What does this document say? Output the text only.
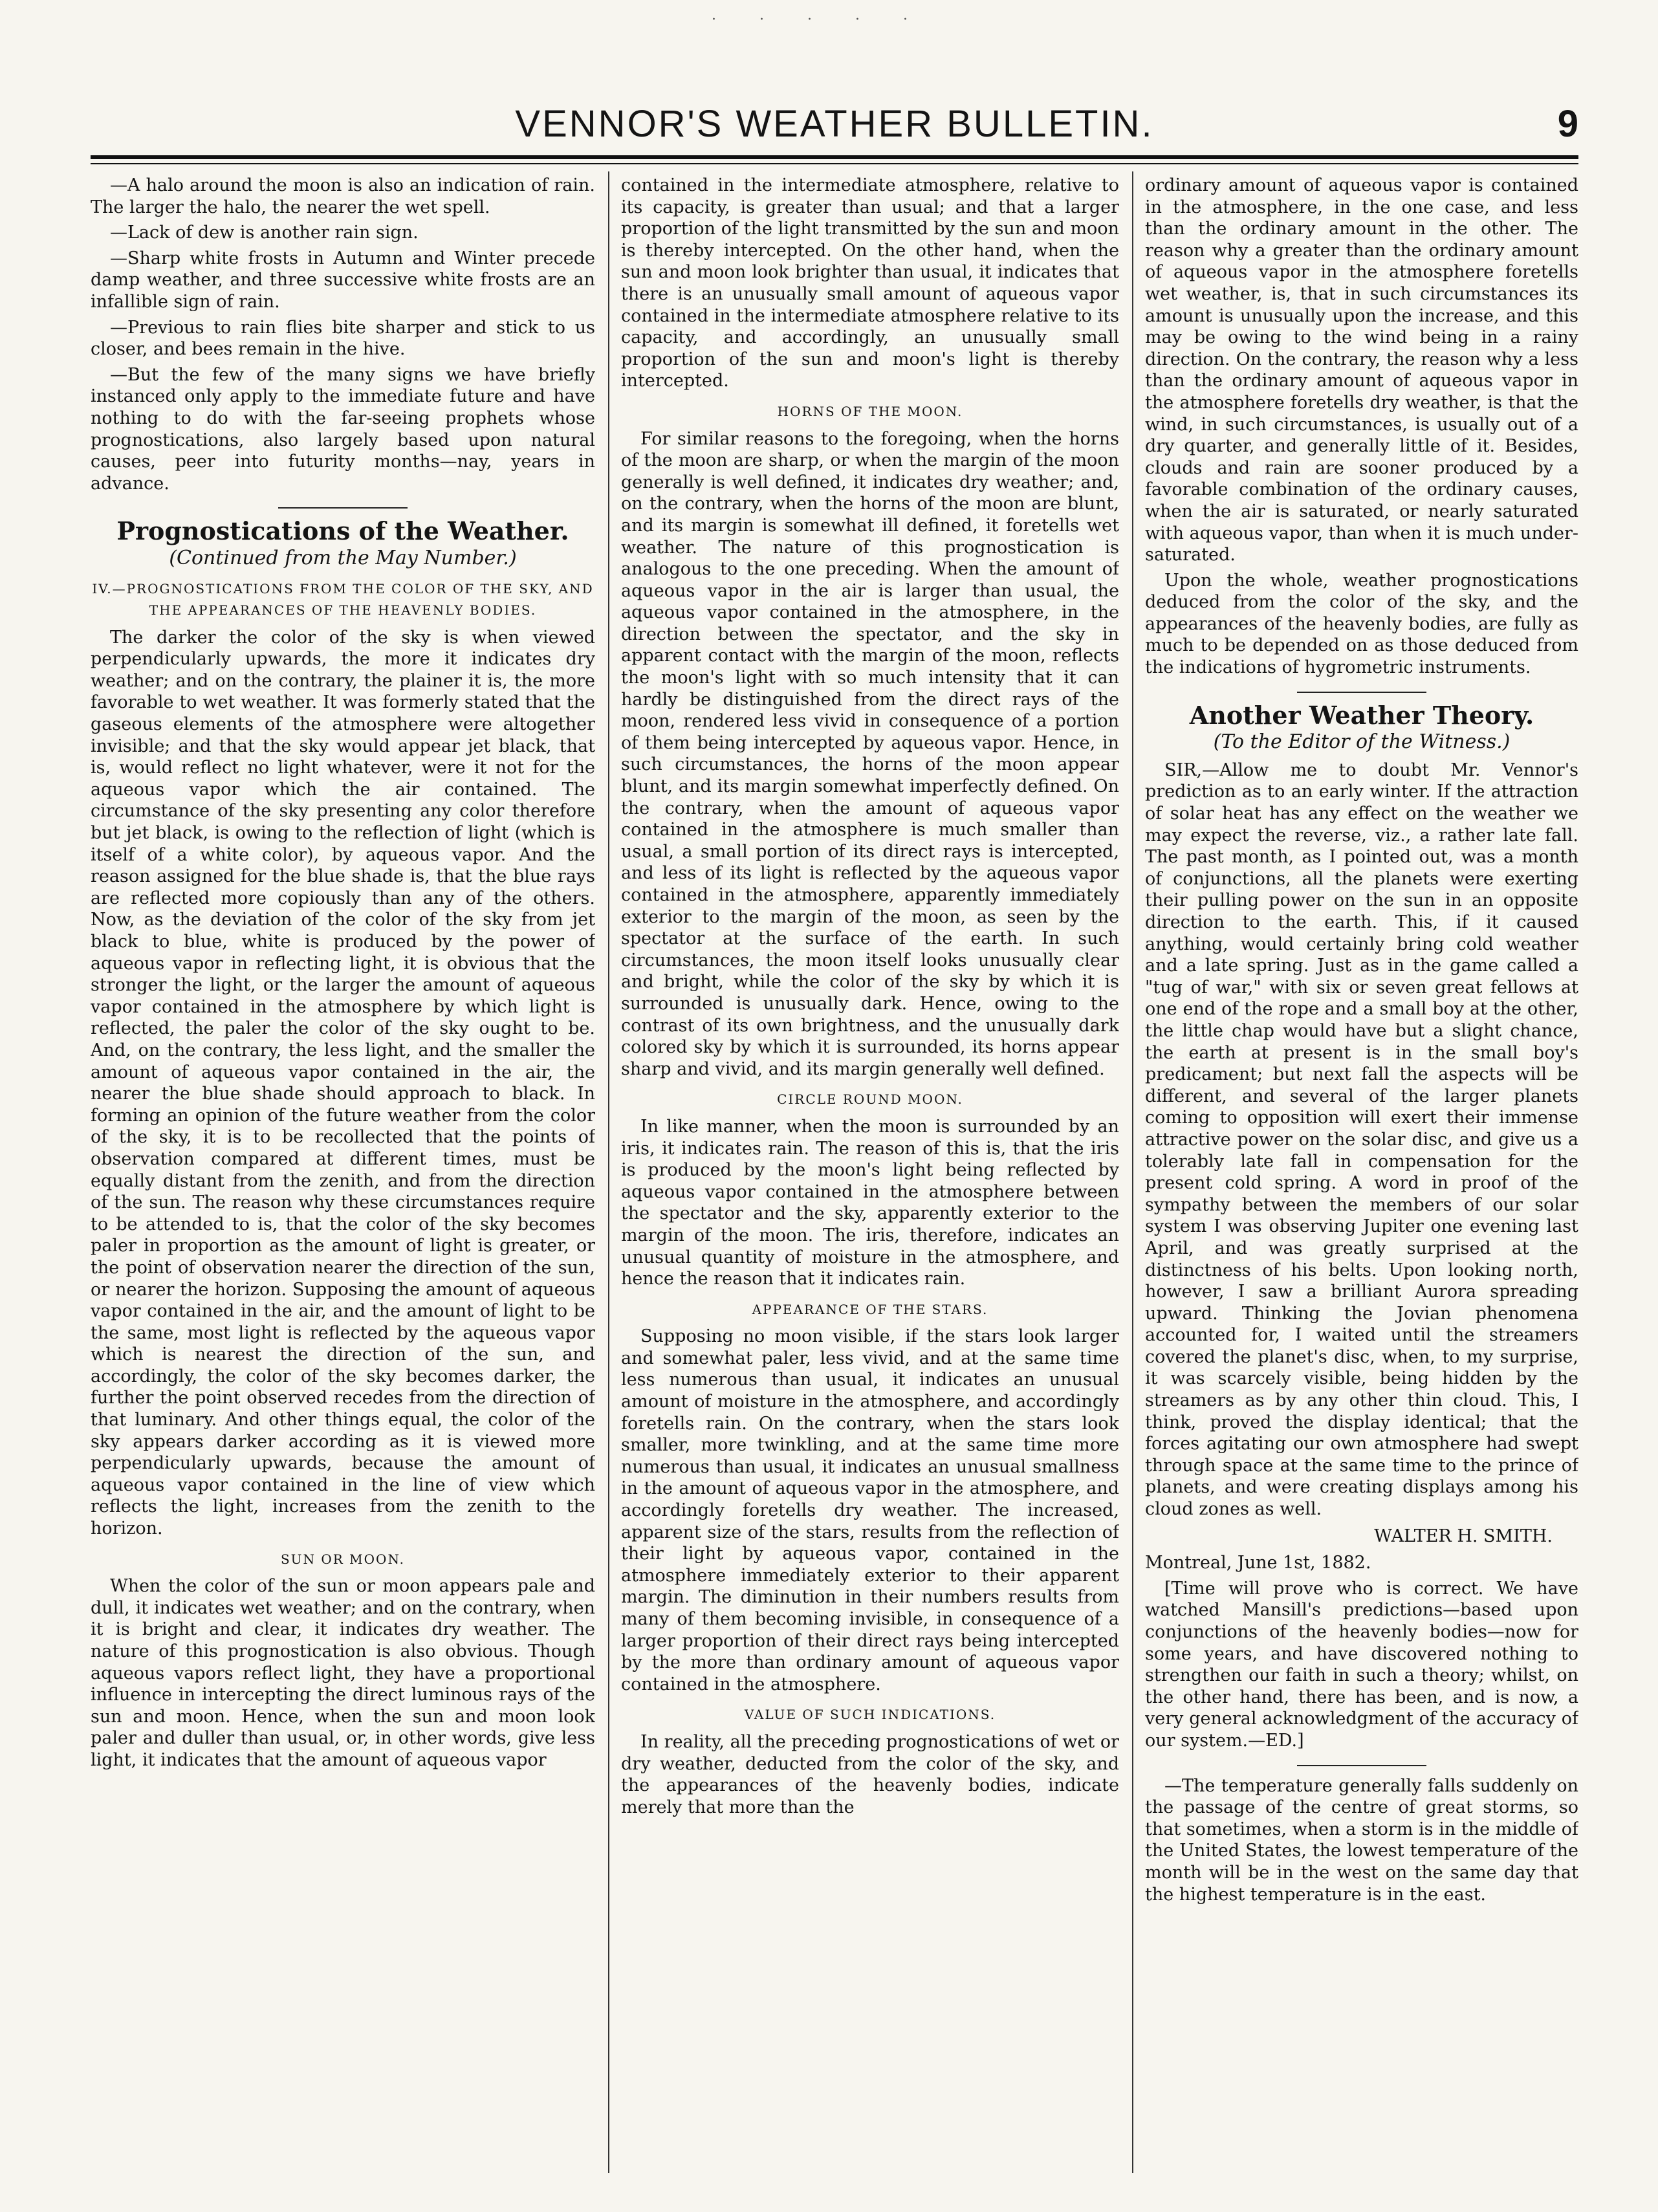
· · · · ·
VENNOR'S WEATHER BULLETIN.	9

—A halo around the moon is also an indication of rain. The larger the halo, the nearer the wet spell.

—Lack of dew is another rain sign.

—Sharp white frosts in Autumn and Winter precede damp weather, and three successive white frosts are an infallible sign of rain.

—Previous to rain flies bite sharper and stick to us closer, and bees remain in the hive.

—But the few of the many signs we have briefly instanced only apply to the immediate future and have nothing to do with the far-seeing prophets whose prognostications, also largely based upon natural causes, peer into futurity months—nay, years in advance.

Prognostications of the Weather.
(Continued from the May Number.)
IV.—PROGNOSTICATIONS FROM THE COLOR OF THE SKY, AND THE APPEARANCES OF THE HEAVENLY BODIES.

The darker the color of the sky is when viewed perpendicularly upwards, the more it indicates dry weather; and on the contrary, the plainer it is, the more favorable to wet weather. It was formerly stated that the gaseous elements of the atmosphere were altogether invisible; and that the sky would appear jet black, that is, would reflect no light whatever, were it not for the aqueous vapor which the air contained. The circumstance of the sky presenting any color therefore but jet black, is owing to the reflection of light (which is itself of a white color), by aqueous vapor. And the reason assigned for the blue shade is, that the blue rays are reflected more copiously than any of the others. Now, as the deviation of the color of the sky from jet black to blue, white is produced by the power of aqueous vapor in reflecting light, it is obvious that the stronger the light, or the larger the amount of aqueous vapor contained in the atmosphere by which light is reflected, the paler the color of the sky ought to be. And, on the contrary, the less light, and the smaller the amount of aqueous vapor contained in the air, the nearer the blue shade should approach to black. In forming an opinion of the future weather from the color of the sky, it is to be recollected that the points of observation compared at different times, must be equally distant from the zenith, and from the direction of the sun. The reason why these circumstances require to be attended to is, that the color of the sky becomes paler in proportion as the amount of light is greater, or the point of observation nearer the direction of the sun, or nearer the horizon. Supposing the amount of aqueous vapor contained in the air, and the amount of light to be the same, most light is reflected by the aqueous vapor which is nearest the direction of the sun, and accordingly, the color of the sky becomes darker, the further the point observed recedes from the direction of that luminary. And other things equal, the color of the sky appears darker according as it is viewed more perpendicularly upwards, because the amount of aqueous vapor contained in the line of view which reflects the light, increases from the zenith to the horizon.

SUN OR MOON.

When the color of the sun or moon appears pale and dull, it indicates wet weather; and on the contrary, when it is bright and clear, it indicates dry weather. The nature of this prognostication is also obvious. Though aqueous vapors reflect light, they have a proportional influence in intercepting the direct luminous rays of the sun and moon. Hence, when the sun and moon look paler and duller than usual, or, in other words, give less light, it indicates that the amount of aqueous vapor

contained in the intermediate atmosphere, relative to its capacity, is greater than usual; and that a larger proportion of the light transmitted by the sun and moon is thereby intercepted. On the other hand, when the sun and moon look brighter than usual, it indicates that there is an unusually small amount of aqueous vapor contained in the intermediate atmosphere relative to its capacity, and accordingly, an unusually small proportion of the sun and moon's light is thereby intercepted.

HORNS OF THE MOON.

For similar reasons to the foregoing, when the horns of the moon are sharp, or when the margin of the moon generally is well defined, it indicates dry weather; and, on the contrary, when the horns of the moon are blunt, and its margin is somewhat ill defined, it foretells wet weather. The nature of this prognostication is analogous to the one preceding. When the amount of aqueous vapor in the air is larger than usual, the aqueous vapor contained in the atmosphere, in the direction between the spectator, and the sky in apparent contact with the margin of the moon, reflects the moon's light with so much intensity that it can hardly be distinguished from the direct rays of the moon, rendered less vivid in consequence of a portion of them being intercepted by aqueous vapor. Hence, in such circumstances, the horns of the moon appear blunt, and its margin somewhat imperfectly defined. On the contrary, when the amount of aqueous vapor contained in the atmosphere is much smaller than usual, a small portion of its direct rays is intercepted, and less of its light is reflected by the aqueous vapor contained in the atmosphere, apparently immediately exterior to the margin of the moon, as seen by the spectator at the surface of the earth. In such circumstances, the moon itself looks unusually clear and bright, while the color of the sky by which it is surrounded is unusually dark. Hence, owing to the contrast of its own brightness, and the unusually dark colored sky by which it is surrounded, its horns appear sharp and vivid, and its margin generally well defined.

CIRCLE ROUND MOON.

In like manner, when the moon is surrounded by an iris, it indicates rain. The reason of this is, that the iris is produced by the moon's light being reflected by aqueous vapor contained in the atmosphere between the spectator and the sky, apparently exterior to the margin of the moon. The iris, therefore, indicates an unusual quantity of moisture in the atmosphere, and hence the reason that it indicates rain.

APPEARANCE OF THE STARS.

Supposing no moon visible, if the stars look larger and somewhat paler, less vivid, and at the same time less numerous than usual, it indicates an unusual amount of moisture in the atmosphere, and accordingly foretells rain. On the contrary, when the stars look smaller, more twinkling, and at the same time more numerous than usual, it indicates an unusual smallness in the amount of aqueous vapor in the atmosphere, and accordingly foretells dry weather. The increased, apparent size of the stars, results from the reflection of their light by aqueous vapor, contained in the atmosphere immediately exterior to their apparent margin. The diminution in their numbers results from many of them becoming invisible, in consequence of a larger proportion of their direct rays being intercepted by the more than ordinary amount of aqueous vapor contained in the atmosphere.

VALUE OF SUCH INDICATIONS.

In reality, all the preceding prognostications of wet or dry weather, deducted from the color of the sky, and the appearances of the heavenly bodies, indicate merely that more than the

ordinary amount of aqueous vapor is contained in the atmosphere, in the one case, and less than the ordinary amount in the other. The reason why a greater than the ordinary amount of aqueous vapor in the atmosphere foretells wet weather, is, that in such circumstances its amount is unusually upon the increase, and this may be owing to the wind being in a rainy direction. On the contrary, the reason why a less than the ordinary amount of aqueous vapor in the atmosphere foretells dry weather, is that the wind, in such circumstances, is usually out of a dry quarter, and generally little of it. Besides, clouds and rain are sooner produced by a favorable combination of the ordinary causes, when the air is saturated, or nearly saturated with aqueous vapor, than when it is much under-saturated.

Upon the whole, weather prognostications deduced from the color of the sky, and the appearances of the heavenly bodies, are fully as much to be depended on as those deduced from the indications of hygrometric instruments.

Another Weather Theory.
(To the Editor of the Witness.)

SIR,—Allow me to doubt Mr. Vennor's prediction as to an early winter. If the attraction of solar heat has any effect on the weather we may expect the reverse, viz., a rather late fall. The past month, as I pointed out, was a month of conjunctions, all the planets were exerting their pulling power on the sun in an opposite direction to the earth. This, if it caused anything, would certainly bring cold weather and a late spring. Just as in the game called a "tug of war," with six or seven great fellows at one end of the rope and a small boy at the other, the little chap would have but a slight chance, the earth at present is in the small boy's predicament; but next fall the aspects will be different, and several of the larger planets coming to opposition will exert their immense attractive power on the solar disc, and give us a tolerably late fall in compensation for the present cold spring. A word in proof of the sympathy between the members of our solar system I was observing Jupiter one evening last April, and was greatly surprised at the distinctness of his belts. Upon looking north, however, I saw a brilliant Aurora spreading upward. Thinking the Jovian phenomena accounted for, I waited until the streamers covered the planet's disc, when, to my surprise, it was scarcely visible, being hidden by the streamers as by any other thin cloud. This, I think, proved the display identical; that the forces agitating our own atmosphere had swept through space at the same time to the prince of planets, and were creating displays among his cloud zones as well.

WALTER H. SMITH.

Montreal, June 1st, 1882.

[Time will prove who is correct. We have watched Mansill's predictions—based upon conjunctions of the heavenly bodies—now for some years, and have discovered nothing to strengthen our faith in such a theory; whilst, on the other hand, there has been, and is now, a very general acknowledgment of the accuracy of our system.—ED.]

—The temperature generally falls suddenly on the passage of the centre of great storms, so that sometimes, when a storm is in the middle of the United States, the lowest temperature of the month will be in the west on the same day that the highest temperature is in the east.
